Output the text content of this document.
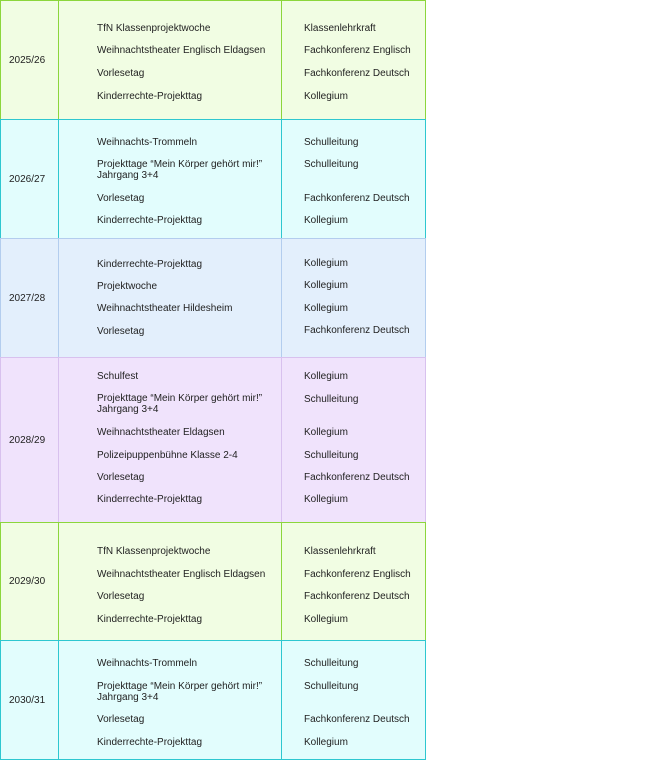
2025/26
TfN Klassenprojektwoche
Weihnachtstheater Englisch Eldagsen
Vorlesetag
Kinderrechte-Projekttag
Klassenlehrkraft
Fachkonferenz Englisch
Fachkonferenz Deutsch
Kollegium
2026/27
Weihnachts-Trommeln
Projekttage “Mein Körper gehört mir!”
Jahrgang 3+4
Vorlesetag
Kinderrechte-Projekttag
Schulleitung
Schulleitung
Fachkonferenz Deutsch
Kollegium
2027/28
Kinderrechte-Projekttag
Projektwoche
Weihnachtstheater Hildesheim
Vorlesetag
Kollegium
Kollegium
Kollegium
Fachkonferenz Deutsch
2028/29
Schulfest
Projekttage “Mein Körper gehört mir!”
Jahrgang 3+4
Weihnachtstheater Eldagsen
Polizeipuppenbühne Klasse 2-4
Vorlesetag
Kinderrechte-Projekttag
Kollegium
Schulleitung
Kollegium
Schulleitung
Fachkonferenz Deutsch
Kollegium
2029/30
TfN Klassenprojektwoche
Weihnachtstheater Englisch Eldagsen
Vorlesetag
Kinderrechte-Projekttag
Klassenlehrkraft
Fachkonferenz Englisch
Fachkonferenz Deutsch
Kollegium
2030/31
Weihnachts-Trommeln
Projekttage “Mein Körper gehört mir!”
Jahrgang 3+4
Vorlesetag
Kinderrechte-Projekttag
Schulleitung
Schulleitung
Fachkonferenz Deutsch
Kollegium
